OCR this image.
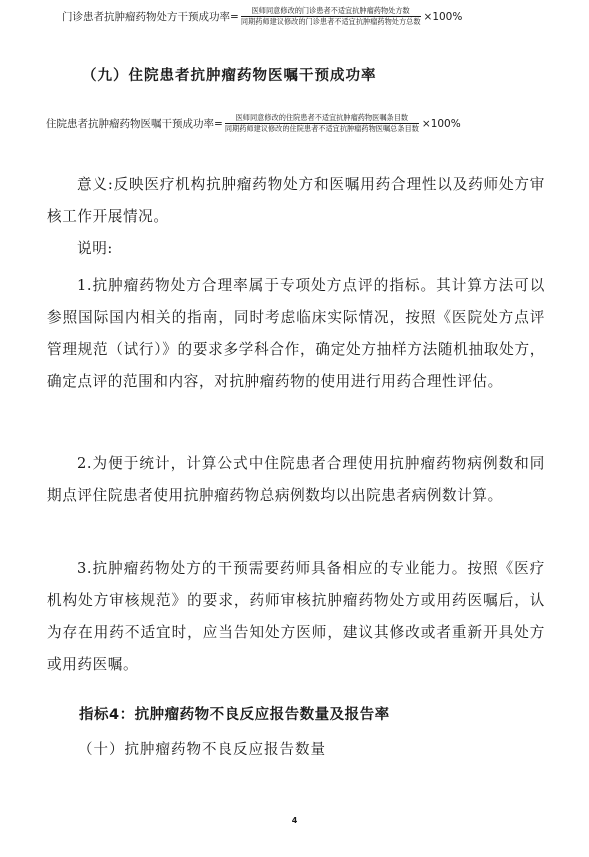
门诊患者抗肿瘤药物处方干预成功率= $\frac{\text{医师同意修改的门诊患者不适宜抗肿瘤药物处方数}}{\text{同期药师建议修改的门诊患者不适宜抗肿瘤药物处方总数}} \times 100\%$
（九）住院患者抗肿瘤药物医嘱干预成功率
住院患者抗肿瘤药物医嘱干预成功率= $\frac{\text{医师同意修改的住院患者不适宜抗肿瘤药物医嘱条目数}}{\text{同期药师建议修改的住院患者不适宜抗肿瘤药物医嘱总条目数}} \times 100\%$

意义:反映医疗机构抗肿瘤药物处方和医嘱用药合理性以及药师处方审核工作开展情况。

说明:

1.抗肿瘤药物处方合理率属于专项处方点评的指标。其计算方法可以参照国际国内相关的指南，同时考虑临床实际情况，按照《医院处方点评管理规范（试行）》的要求多学科合作，确定处方抽样方法随机抽取处方，确定点评的范围和内容，对抗肿瘤药物的使用进行用药合理性评估。

2.为便于统计，计算公式中住院患者合理使用抗肿瘤药物病例数和同期点评住院患者使用抗肿瘤药物总病例数均以出院患者病例数计算。

3.抗肿瘤药物处方的干预需要药师具备相应的专业能力。按照《医疗机构处方审核规范》的要求，药师审核抗肿瘤药物处方或用药医嘱后，认为存在用药不适宜时，应当告知处方医师，建议其修改或者重新开具处方或用药医嘱。

指标4：抗肿瘤药物不良反应报告数量及报告率
（十）抗肿瘤药物不良反应报告数量
4
